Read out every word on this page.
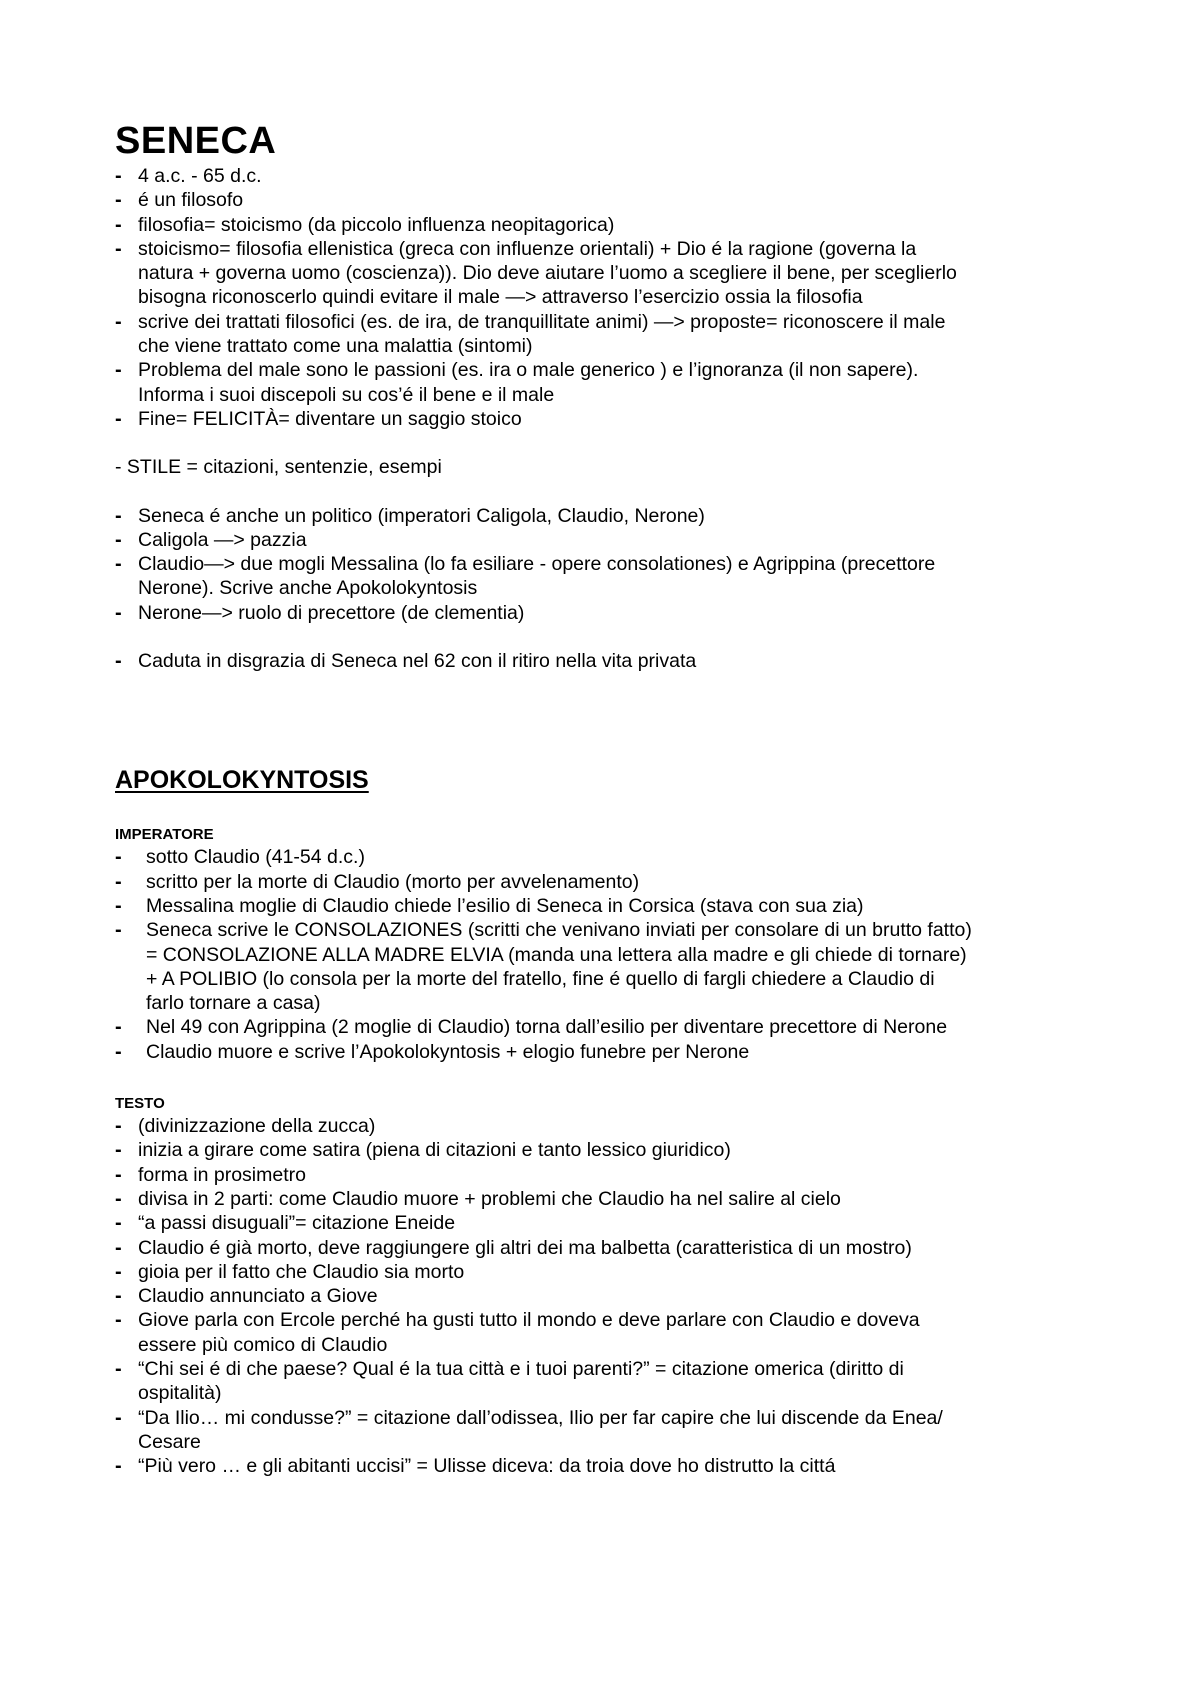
SENECA
- 4 a.c. - 65 d.c.
- é un filosofo
- filosofia= stoicismo (da piccolo influenza neopitagorica)
- stoicismo= filosofia ellenistica (greca con influenze orientali) + Dio é la ragione (governa la
natura + governa uomo (coscienza)). Dio deve aiutare l’uomo a scegliere il bene, per sceglierlo
bisogna riconoscerlo quindi evitare il male —> attraverso l’esercizio ossia la filosofia
- scrive dei trattati filosofici (es. de ira, de tranquillitate animi) —> proposte= riconoscere il male
che viene trattato come una malattia (sintomi)
- Problema del male sono le passioni (es. ira o male generico ) e l’ignoranza (il non sapere).
Informa i suoi discepoli su cos’é il bene e il male
- Fine= FELICITÀ= diventare un saggio stoico

- STILE = citazioni, sentenzie, esempi

- Seneca é anche un politico (imperatori Caligola, Claudio, Nerone)
- Caligola —> pazzia
- Claudio—> due mogli Messalina (lo fa esiliare - opere consolationes) e Agrippina (precettore
Nerone). Scrive anche Apokolokyntosis
- Nerone—> ruolo di precettore (de clementia)
- Caduta in disgrazia di Seneca nel 62 con il ritiro nella vita privata
APOKOLOKYNTOSIS
IMPERATORE
- sotto Claudio (41-54 d.c.)
- scritto per la morte di Claudio (morto per avvelenamento)
- Messalina moglie di Claudio chiede l’esilio di Seneca in Corsica (stava con sua zia)
- Seneca scrive le CONSOLAZIONES (scritti che venivano inviati per consolare di un brutto fatto)
= CONSOLAZIONE ALLA MADRE ELVIA (manda una lettera alla madre e gli chiede di tornare)
+ A POLIBIO (lo consola per la morte del fratello, fine é quello di fargli chiedere a Claudio di
farlo tornare a casa)
- Nel 49 con Agrippina (2 moglie di Claudio) torna dall’esilio per diventare precettore di Nerone
- Claudio muore e scrive l’Apokolokyntosis + elogio funebre per Nerone
TESTO
- (divinizzazione della zucca)
- inizia a girare come satira (piena di citazioni e tanto lessico giuridico)
- forma in prosimetro
- divisa in 2 parti: come Claudio muore + problemi che Claudio ha nel salire al cielo
- “a passi disuguali”= citazione Eneide
- Claudio é già morto, deve raggiungere gli altri dei ma balbetta (caratteristica di un mostro)
- gioia per il fatto che Claudio sia morto
- Claudio annunciato a Giove
- Giove parla con Ercole perché ha gusti tutto il mondo e deve parlare con Claudio e doveva
essere più comico di Claudio
- “Chi sei é di che paese? Qual é la tua città e i tuoi parenti?” = citazione omerica (diritto di
ospitalità)
- “Da Ilio… mi condusse?” = citazione dall’odissea, Ilio per far capire che lui discende da Enea/
Cesare
- “Più vero … e gli abitanti uccisi” = Ulisse diceva: da troia dove ho distrutto la cittá
